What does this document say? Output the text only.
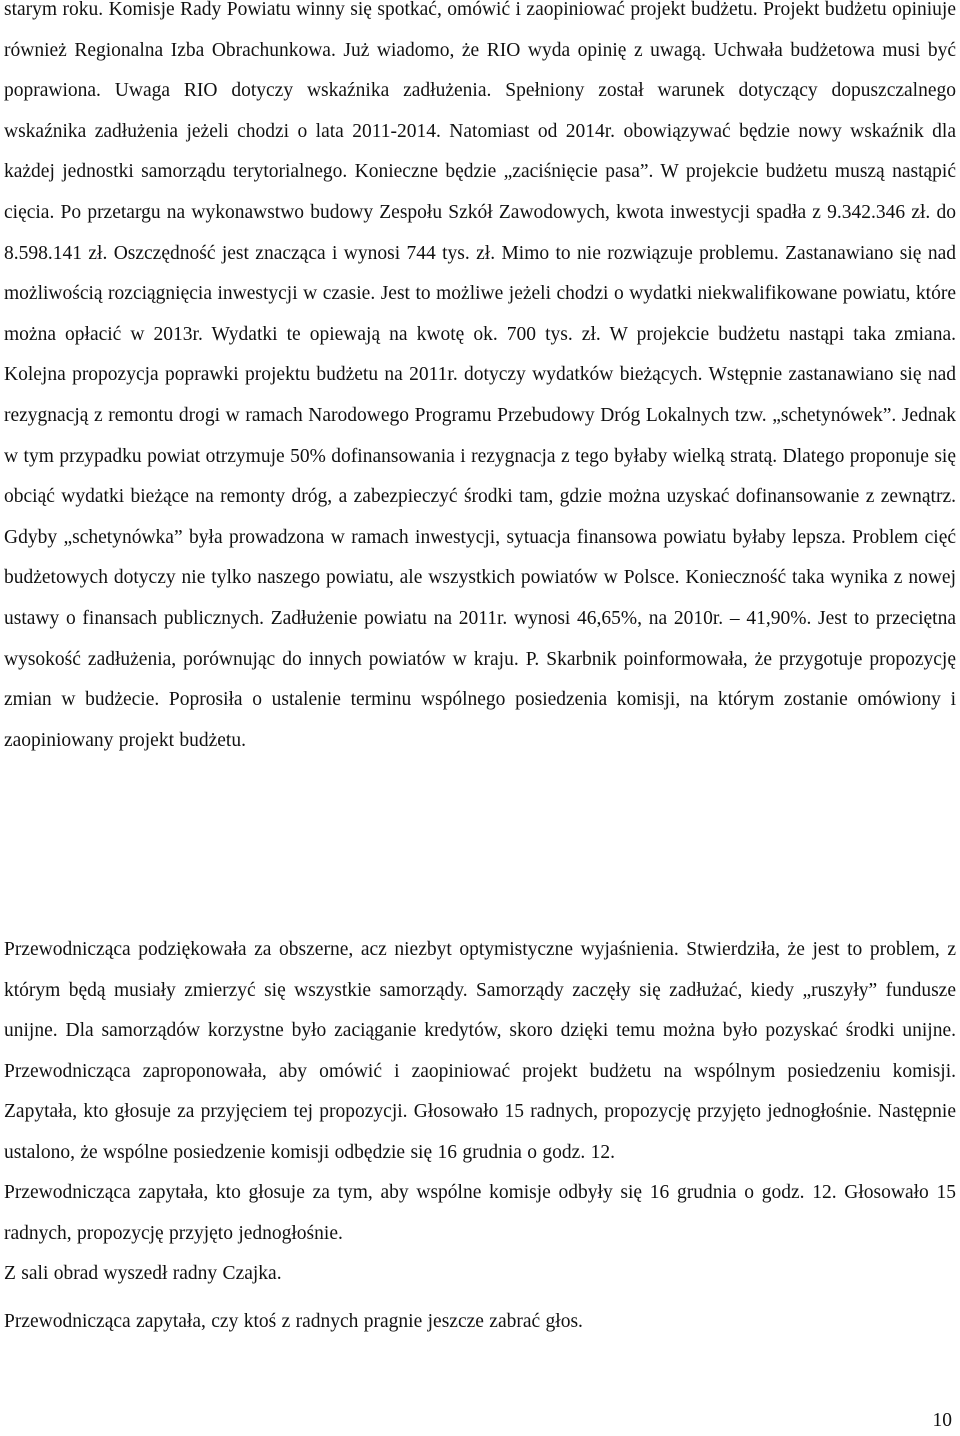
starym roku. Komisje Rady Powiatu winny się spotkać, omówić i zaopiniować projekt budżetu. Projekt budżetu opiniuje również Regionalna Izba Obrachunkowa. Już wiadomo, że RIO wyda opinię z uwagą. Uchwała budżetowa musi być poprawiona. Uwaga RIO dotyczy wskaźnika zadłużenia. Spełniony został warunek dotyczący dopuszczalnego wskaźnika zadłużenia jeżeli chodzi o lata 2011-2014. Natomiast od 2014r. obowiązywać będzie nowy wskaźnik dla każdej jednostki samorządu terytorialnego. Konieczne będzie „zaciśnięcie pasa”. W projekcie budżetu muszą nastąpić cięcia. Po przetargu na wykonawstwo budowy Zespołu Szkół Zawodowych, kwota inwestycji spadła z 9.342.346 zł. do 8.598.141 zł. Oszczędność jest znacząca i wynosi 744 tys. zł. Mimo to nie rozwiązuje problemu. Zastanawiano się nad możliwością rozciągnięcia inwestycji w czasie. Jest to możliwe jeżeli chodzi o wydatki niekwalifikowane powiatu, które można opłacić w 2013r. Wydatki te opiewają na kwotę ok. 700 tys. zł. W projekcie budżetu nastąpi taka zmiana. Kolejna propozycja poprawki projektu budżetu na 2011r. dotyczy wydatków bieżących. Wstępnie zastanawiano się nad rezygnacją z remontu drogi w ramach Narodowego Programu Przebudowy Dróg Lokalnych tzw. „schetynówek”. Jednak w tym przypadku powiat otrzymuje 50% dofinansowania i rezygnacja z tego byłaby wielką stratą. Dlatego proponuje się obciąć wydatki bieżące na remonty dróg, a zabezpieczyć środki tam, gdzie można uzyskać dofinansowanie z zewnątrz. Gdyby „schetynówka” była prowadzona w ramach inwestycji, sytuacja finansowa powiatu byłaby lepsza. Problem cięć budżetowych dotyczy nie tylko naszego powiatu, ale wszystkich powiatów w Polsce. Konieczność taka wynika z nowej ustawy o finansach publicznych. Zadłużenie powiatu na 2011r. wynosi 46,65%, na 2010r. – 41,90%. Jest to przeciętna wysokość zadłużenia, porównując do innych powiatów w kraju. P. Skarbnik poinformowała, że przygotuje propozycję zmian w budżecie. Poprosiła o ustalenie terminu wspólnego posiedzenia komisji, na którym zostanie omówiony i zaopiniowany projekt budżetu.

Przewodnicząca podziękowała za obszerne, acz niezbyt optymistyczne wyjaśnienia. Stwierdziła, że jest to problem, z którym będą musiały zmierzyć się wszystkie samorządy. Samorządy zaczęły się zadłużać, kiedy „ruszyły” fundusze unijne. Dla samorządów korzystne było zaciąganie kredytów, skoro dzięki temu można było pozyskać środki unijne. Przewodnicząca zaproponowała, aby omówić i zaopiniować projekt budżetu na wspólnym posiedzeniu komisji. Zapytała, kto głosuje za przyjęciem tej propozycji. Głosowało 15 radnych, propozycję przyjęto jednogłośnie. Następnie ustalono, że wspólne posiedzenie komisji odbędzie się 16 grudnia o godz. 12.

Przewodnicząca zapytała, kto głosuje za tym, aby wspólne komisje odbyły się 16 grudnia o godz. 12. Głosowało 15 radnych, propozycję przyjęto jednogłośnie.

Z sali obrad wyszedł radny Czajka.

Przewodnicząca zapytała, czy ktoś z radnych pragnie jeszcze zabrać głos.

10
